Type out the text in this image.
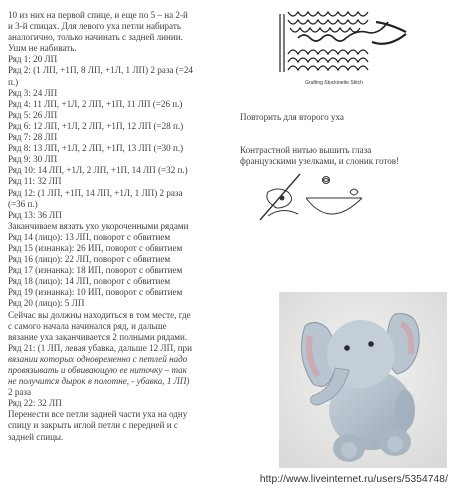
10 из них на первой спице, и еще по 5 – на 2-й
и 3-й спицах. Для левого уха петли набирать
аналогично, только начинать с задней линии.
Ушм не набивать.
Ряд 1: 20 ЛП
Ряд 2: (1 ЛП, +1П, 8 ЛП, +1Л, 1 ЛП) 2 раза (=24
п.)
Ряд 3: 24 ЛП
Ряд 4: 11 ЛП, +1Л, 2 ЛП, +1П, 11 ЛП (=26 п.)
Ряд 5: 26 ЛП
Ряд 6: 12 ЛП, +1Л, 2 ЛП, +1П, 12 ЛП (=28 п.)
Ряд 7: 28 ЛП
Ряд 8: 13 ЛП, +1Л, 2 ЛП, +1П, 13 ЛП (=30 п.)
Ряд 9: 30 ЛП
Ряд 10: 14 ЛП, +1Л, 2 ЛП, +1П, 14 ЛП (=32 п.)
Ряд 11: 32 ЛП
Ряд 12: (1 ЛП, +1П, 14 ЛП, +1Л, 1 ЛП) 2 раза
(=36 п.)
Ряд 13: 36 ЛП
Заканчиваем вязать ухо укороченными рядами
Ряд 14 (лицо): 13 ЛП, поворот с обвитием
Ряд 15 (изнанка): 26 ИП, поворот с обвитием
Ряд 16 (лицо): 22 ЛП, поворот с обвитием
Ряд 17 (изнанка): 18 ИП, поворот с обвитием
Ряд 18 (лицо): 14 ЛП, поворот с обвитием
Ряд 19 (изнанка): 10 ИП, поворот с обвитием
Ряд 20 (лицо): 5 ЛП
Сейчас вы должны находиться в том месте, где
с самого начала начинался ряд, и дальше
вязание уха заканчивается 2 полными рядами.
Ряд 21: (1 ЛП, левая убавка, дальше 12 ЛП, при
вязании которых одновременно с петлей надо
провязывать и обвивающую ее ниточку – так
не получится дырок в полотне, - убавка, 1 ЛП)
2 раза
Ряд 22: 32 ЛП
Перенести все петли задней части уха на одну
спицу и закрыть иглой петли с передней и с
задней спицы.
Grafting Stockinette Stitch
Повторить для второго уха
Контрастной нитью вышить глаза
французскими узелками, и слоник готов!
http://www.liveinternet.ru/users/5354748/
